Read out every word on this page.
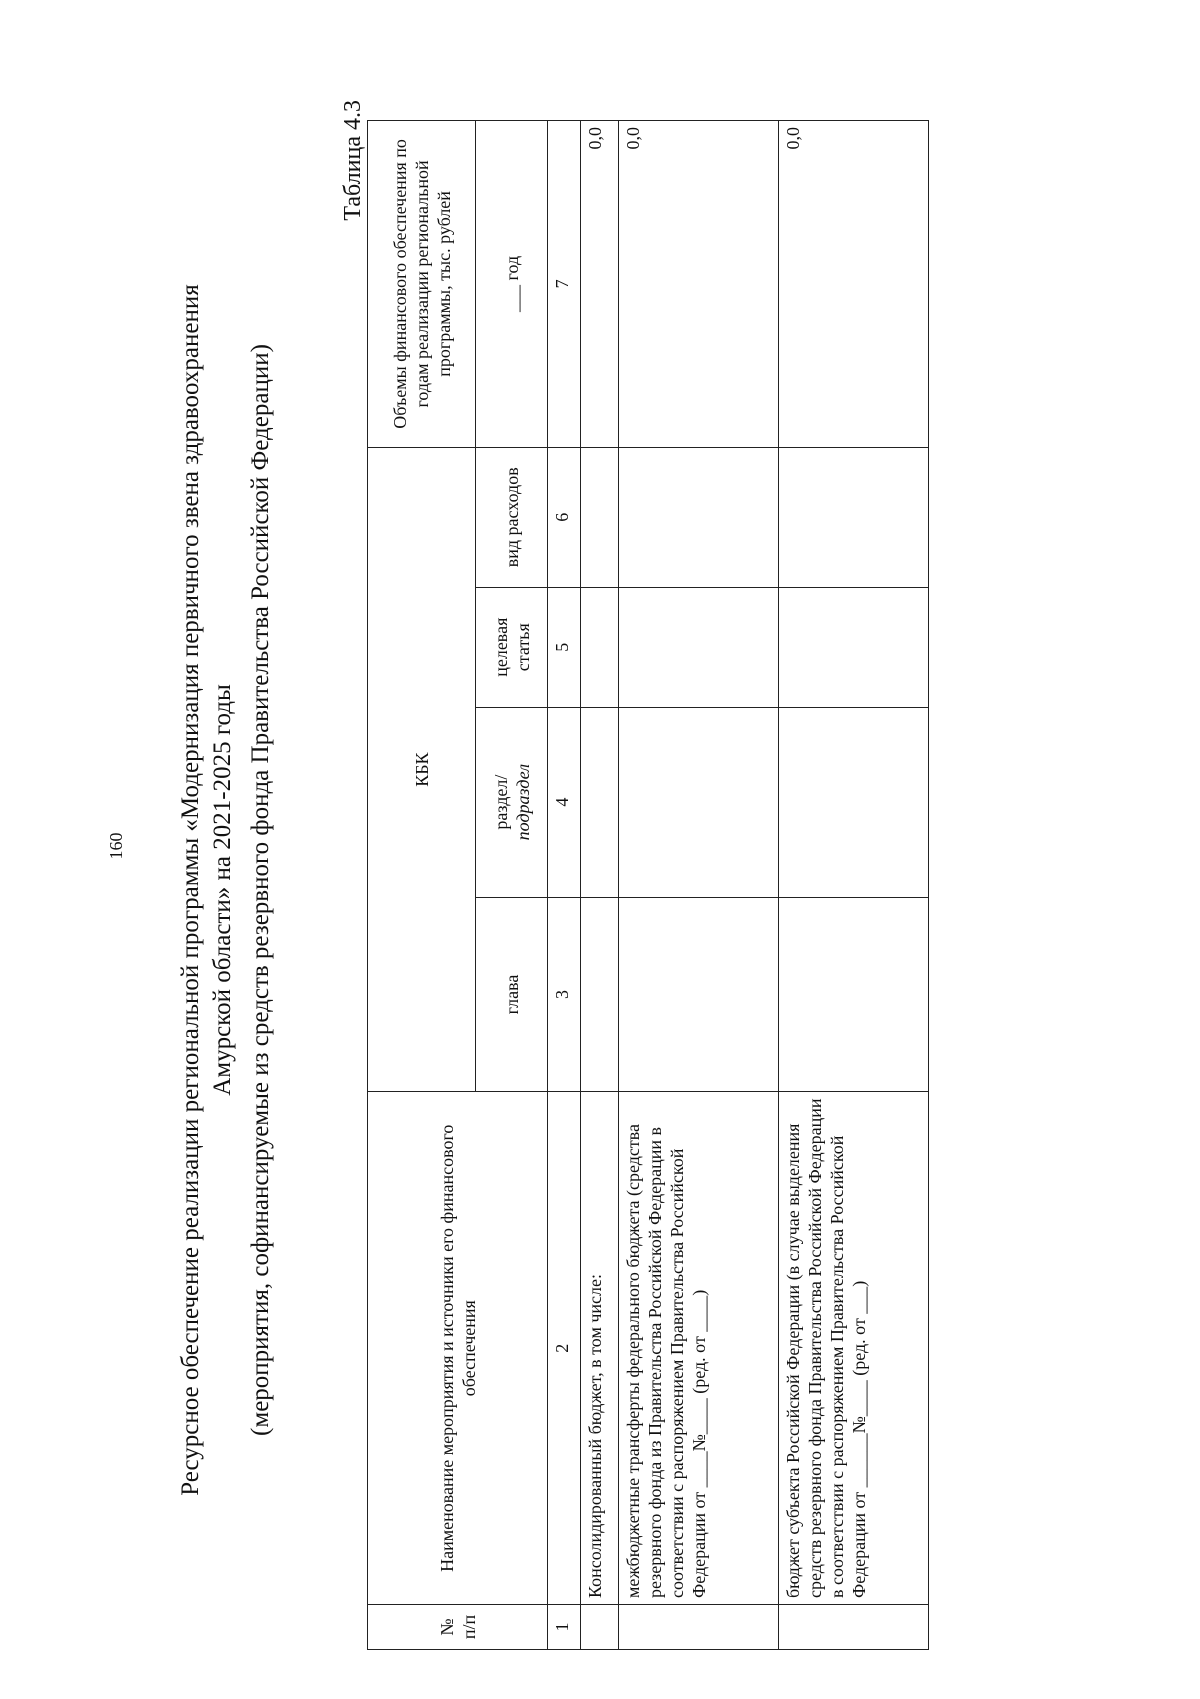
160 Ресурсное обеспечение реализации региональной программы «Модернизация первичного звена здравоохранения Амурской области» на 2021-2025 годы (мероприятия, софинансируемые из средств резервного фонда Правительства Российской Федерации)
Таблица 4.3
№ п/п	Наименование мероприятия и источники его финансового обеспечения	КБК				Объемы финансового обеспечения по годам реализации региональной программы, тыс. рублей
		глава	раздел/ подраздел	целевая статья	вид расходов	___ год
1	2	3	4	5	6	7
	Консолидированный бюджет, в том числе:					0,0
	межбюджетные трансферты федерального бюджета (средства резервного фонда из Правительства Российской Федерации в соответствии с распоряжением Правительства Российской Федерации от ____№____ (ред. от ____)					0,0
	бюджет субъекта Российской Федерации (в случае выделения средств резервного фонда Правительства Российской Федерации в соответствии с распоряжением Правительства Российской Федерации от ______№____ (ред. от ___)					0,0
